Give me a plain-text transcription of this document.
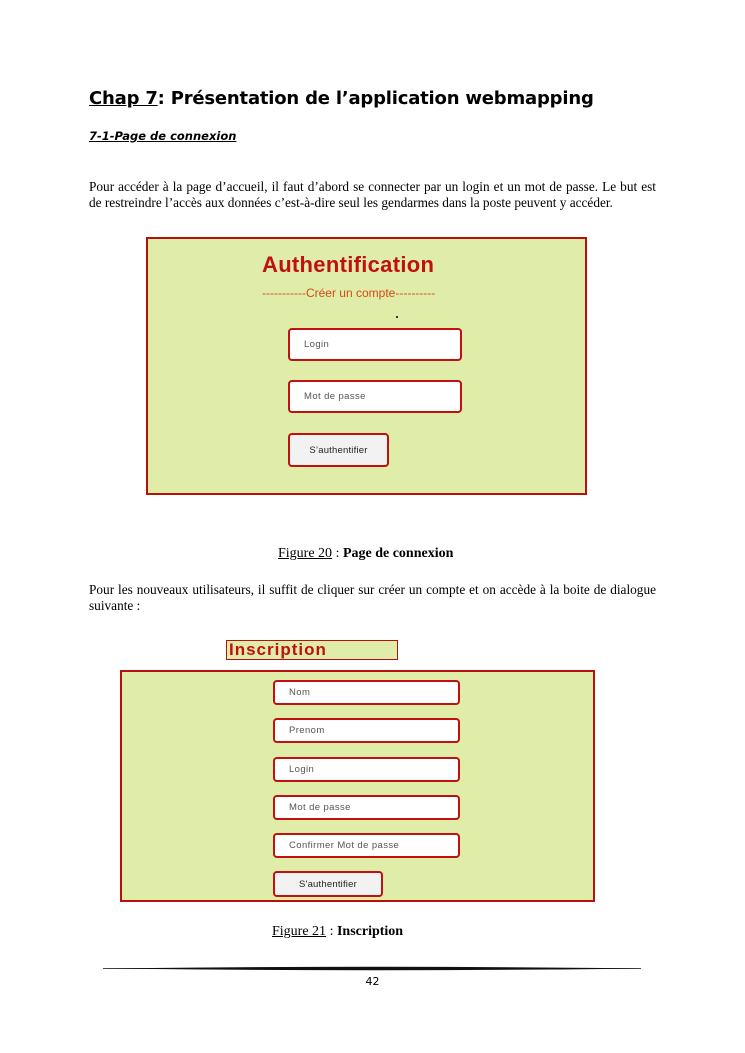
Chap 7: Présentation de l’application webmapping
7-1-Page de connexion
Pour accéder à la page d’accueil, il faut d’abord se connecter par un login et un mot de passe. Le but est de restreindre l’accès aux données c’est-à-dire seul les gendarmes dans la poste peuvent y accéder.
Authentification
-----------Créer un compte----------
Login
Mot de passe
S’authentifier
Figure 20 : Page de connexion
Pour les nouveaux utilisateurs, il suffit de cliquer sur créer un compte et on accède à la boite de dialogue suivante :
Inscription
Nom
Prenom
Login
Mot de passe
Confirmer Mot de passe
S'authentifier
Figure 21 : Inscription
42
